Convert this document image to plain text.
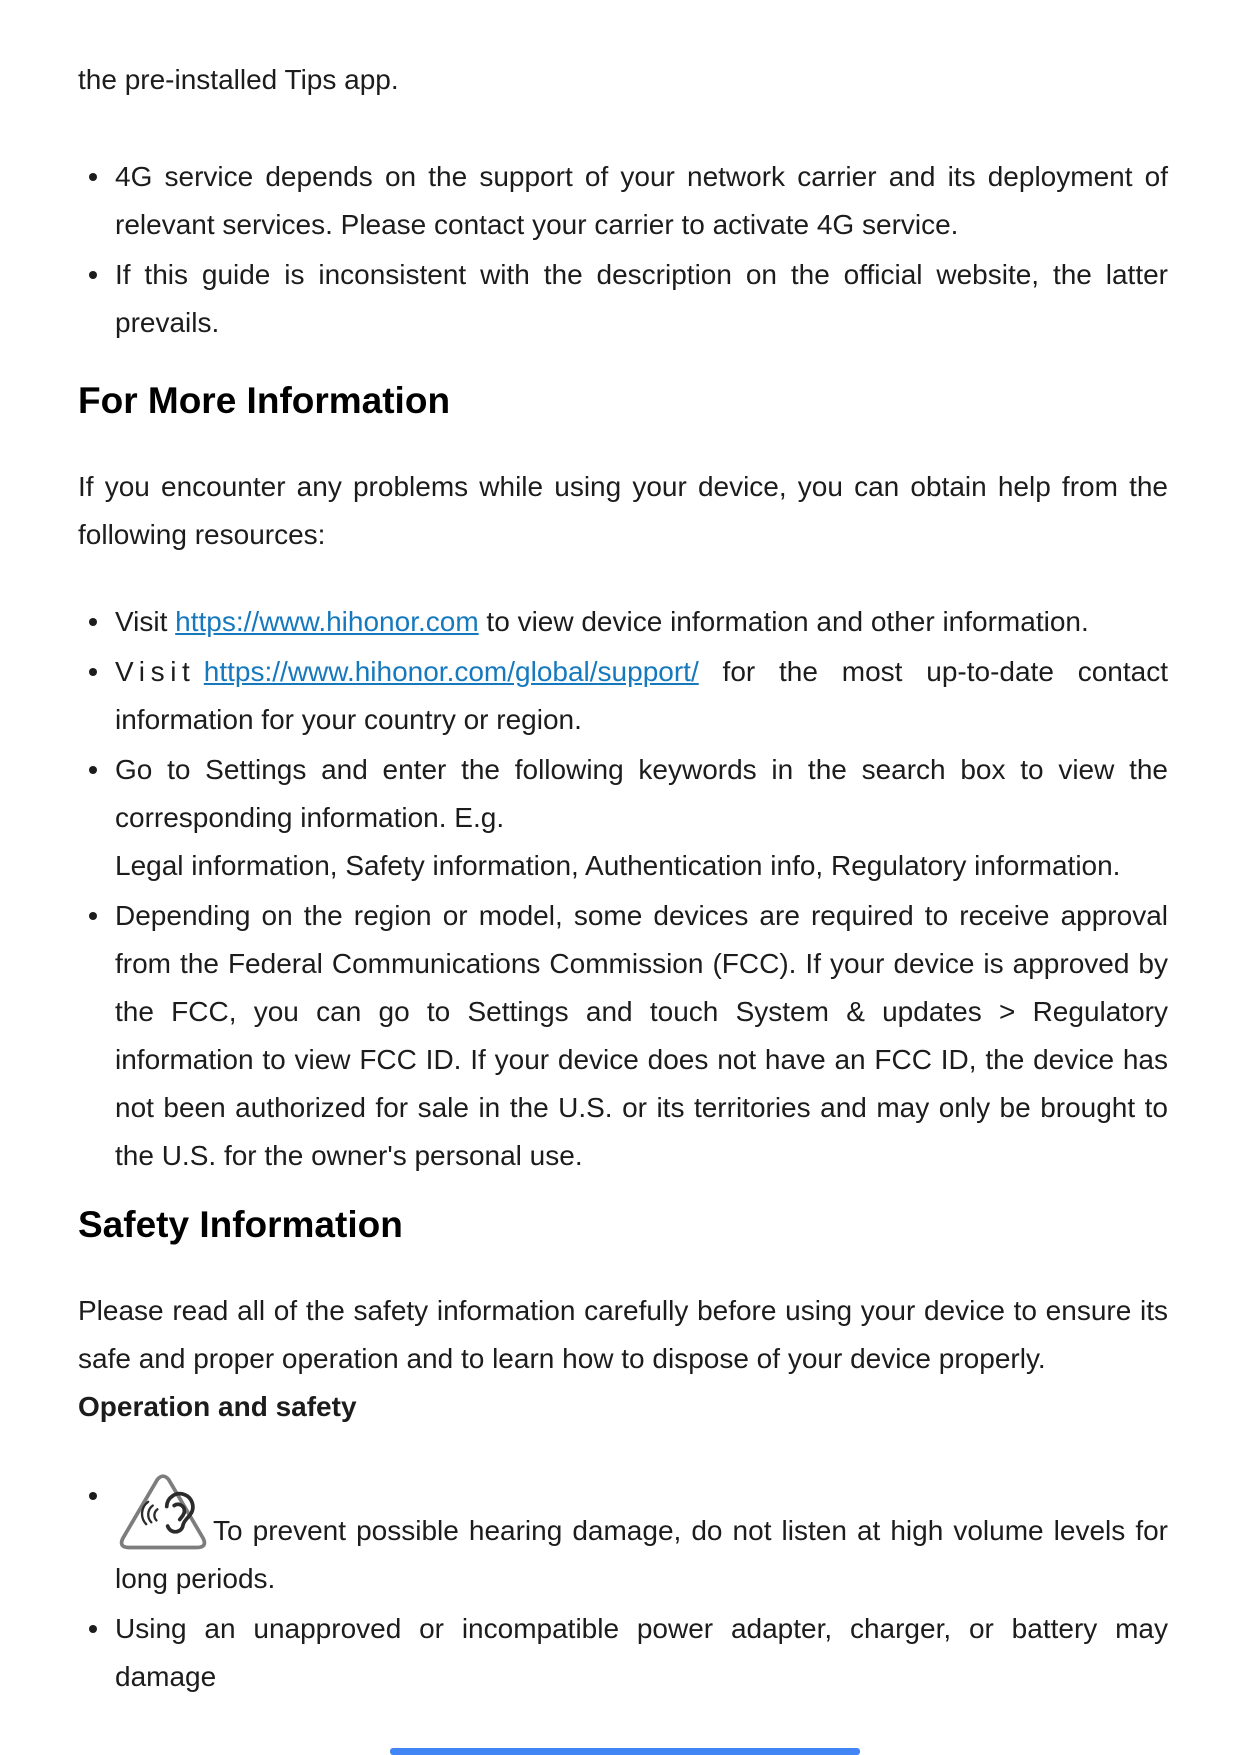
the pre-installed Tips app.

4G service depends on the support of your network carrier and its deployment of relevant services. Please contact your carrier to activate 4G service.
If this guide is inconsistent with the description on the official website, the latter prevails.
For More Information

If you encounter any problems while using your device, you can obtain help from the following resources:

Visit https://www.hihonor.com to view device information and other information.
Visit https://www.hihonor.com/global/support/ for the most up-to-date contact information for your country or region.
Go to Settings and enter the following keywords in the search box to view the corresponding information. E.g.
Legal information, Safety information, Authentication info, Regulatory information.
Depending on the region or model, some devices are required to receive approval from the Federal Communications Commission (FCC). If your device is approved by the FCC, you can go to Settings and touch System & updates > Regulatory information to view FCC ID. If your device does not have an FCC ID, the device has not been authorized for sale in the U.S. or its territories and may only be brought to the U.S. for the owner's personal use.
Safety Information

Please read all of the safety information carefully before using your device to ensure its safe and proper operation and to learn how to dispose of your device properly.

Operation and safety

To prevent possible hearing damage, do not listen at high volume levels for long periods.
Using an unapproved or incompatible power adapter, charger, or battery may damage
